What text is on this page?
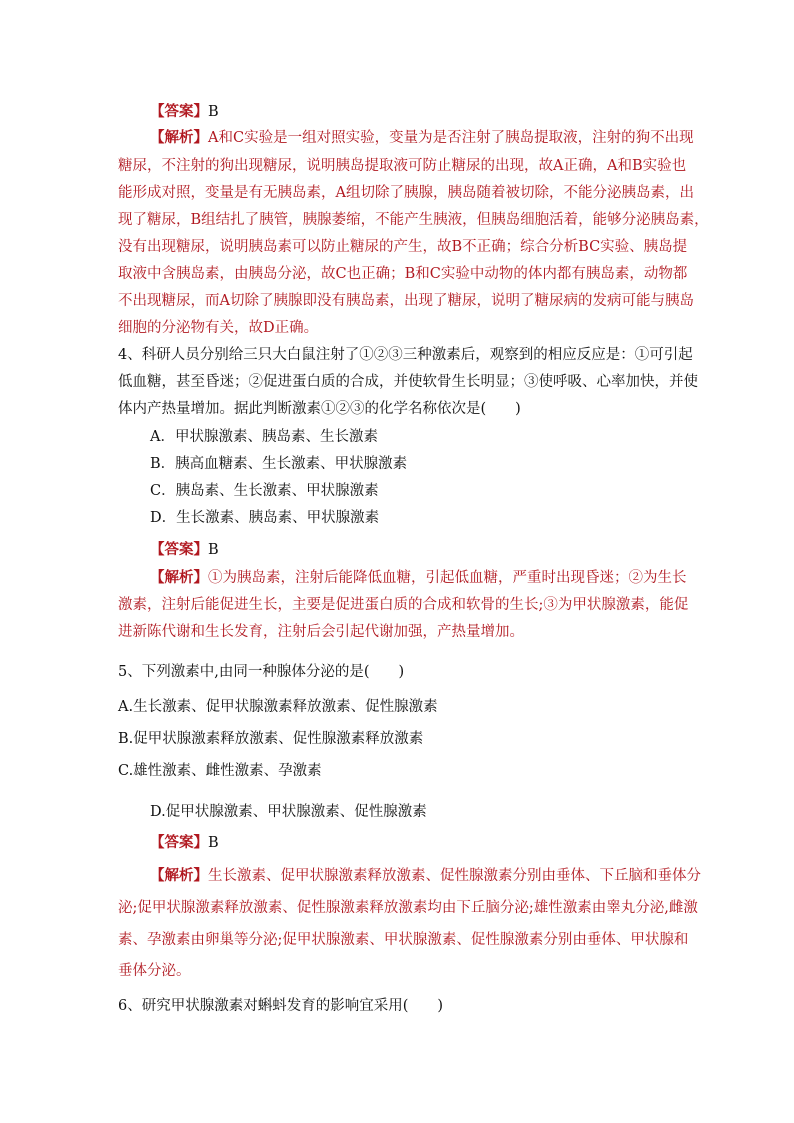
【答案】B
【解析】A和C实验是一组对照实验，变量为是否注射了胰岛提取液，注射的狗不出现
糖尿，不注射的狗出现糖尿，说明胰岛提取液可防止糖尿的出现，故A正确，A和B实验也
能形成对照，变量是有无胰岛素，A组切除了胰腺，胰岛随着被切除，不能分泌胰岛素，出
现了糖尿，B组结扎了胰管，胰腺萎缩，不能产生胰液，但胰岛细胞活着，能够分泌胰岛素，
没有出现糖尿，说明胰岛素可以防止糖尿的产生，故B不正确；综合分析BC实验、胰岛提
取液中含胰岛素，由胰岛分泌，故C也正确；B和C实验中动物的体内都有胰岛素，动物都
不出现糖尿，而A切除了胰腺即没有胰岛素，出现了糖尿，说明了糖尿病的发病可能与胰岛
细胞的分泌物有关，故D正确。
4、科研人员分别给三只大白鼠注射了①②③三种激素后，观察到的相应反应是：①可引起
低血糖，甚至昏迷；②促进蛋白质的合成，并使软骨生长明显；③使呼吸、心率加快，并使
体内产热量增加。据此判断激素①②③的化学名称依次是(　　)
A．甲状腺激素、胰岛素、生长激素
B．胰高血糖素、生长激素、甲状腺激素
C．胰岛素、生长激素、甲状腺激素
D．生长激素、胰岛素、甲状腺激素
【答案】B
【解析】①为胰岛素，注射后能降低血糖，引起低血糖，严重时出现昏迷；②为生长
激素，注射后能促进生长，主要是促进蛋白质的合成和软骨的生长;③为甲状腺激素，能促
进新陈代谢和生长发育，注射后会引起代谢加强，产热量增加。
5、下列激素中,由同一种腺体分泌的是(　　)
A.生长激素、促甲状腺激素释放激素、促性腺激素
B.促甲状腺激素释放激素、促性腺激素释放激素
C.雄性激素、雌性激素、孕激素
D.促甲状腺激素、甲状腺激素、促性腺激素
【答案】B
【解析】生长激素、促甲状腺激素释放激素、促性腺激素分别由垂体、下丘脑和垂体分
泌;促甲状腺激素释放激素、促性腺激素释放激素均由下丘脑分泌;雄性激素由睾丸分泌,雌激
素、孕激素由卵巢等分泌;促甲状腺激素、甲状腺激素、促性腺激素分别由垂体、甲状腺和
垂体分泌。
6、研究甲状腺激素对蝌蚪发育的影响宜采用(　　)
